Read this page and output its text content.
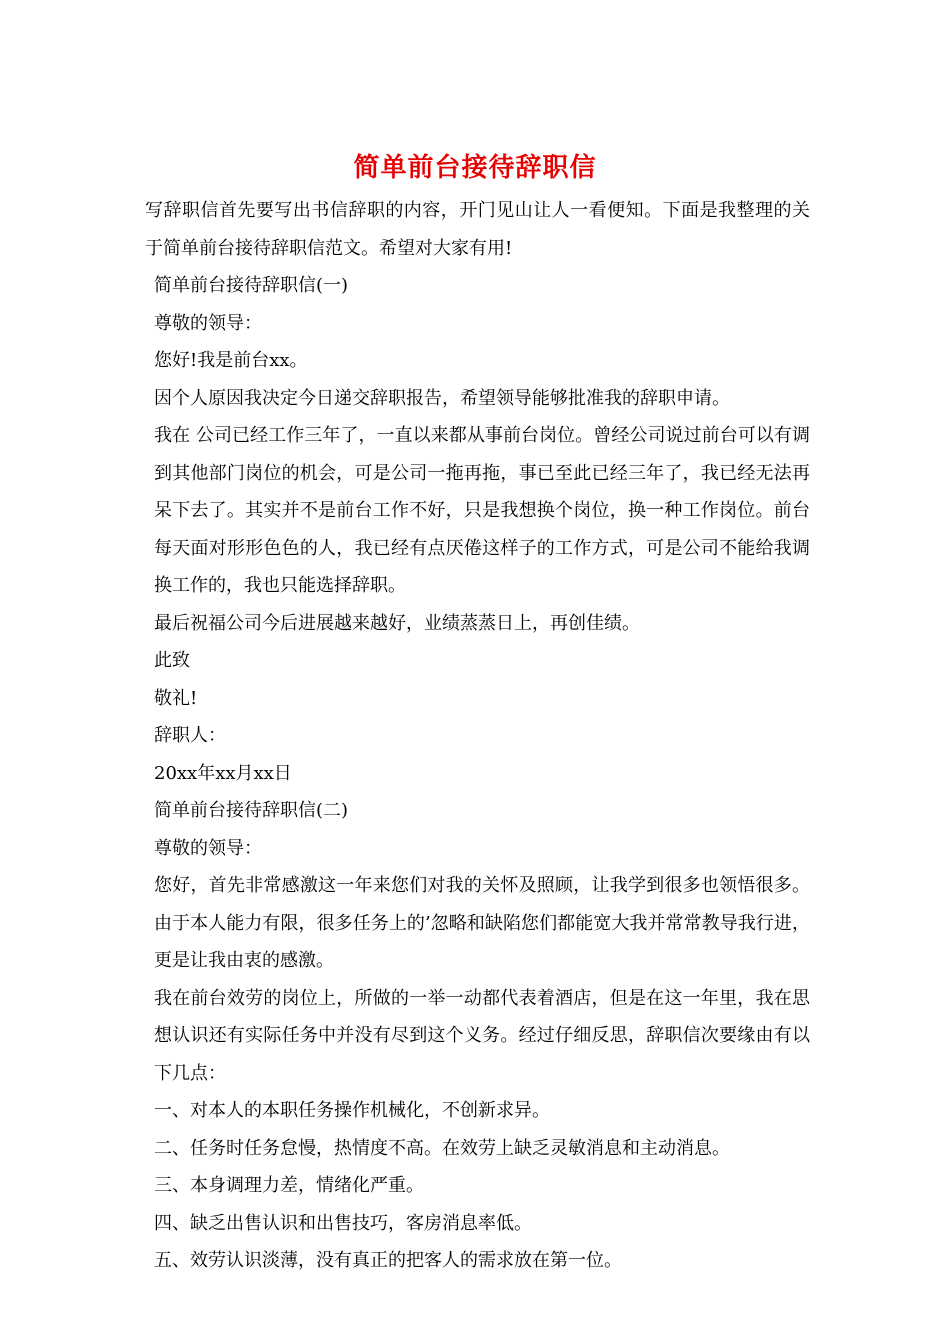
简单前台接待辞职信

写辞职信首先要写出书信辞职的内容，开门见山让人一看便知。下面是我整理的关于简单前台接待辞职信范文。希望对大家有用!

简单前台接待辞职信(一)

尊敬的领导：

您好!我是前台xx。

因个人原因我决定今日递交辞职报告，希望领导能够批准我的辞职申请。

我在 公司已经工作三年了，一直以来都从事前台岗位。曾经公司说过前台可以有调到其他部门岗位的机会，可是公司一拖再拖，事已至此已经三年了，我已经无法再呆下去了。其实并不是前台工作不好，只是我想换个岗位，换一种工作岗位。前台每天面对形形色色的人，我已经有点厌倦这样子的工作方式，可是公司不能给我调换工作的，我也只能选择辞职。

最后祝福公司今后进展越来越好，业绩蒸蒸日上，再创佳绩。

此致

敬礼!

辞职人：

20xx年xx月xx日

简单前台接待辞职信(二)

尊敬的领导：

您好，首先非常感激这一年来您们对我的关怀及照顾，让我学到很多也领悟很多。由于本人能力有限，很多任务上的’忽略和缺陷您们都能宽大我并常常教导我行进，更是让我由衷的感激。

我在前台效劳的岗位上，所做的一举一动都代表着酒店，但是在这一年里，我在思想认识还有实际任务中并没有尽到这个义务。经过仔细反思，辞职信次要缘由有以下几点：

一、对本人的本职任务操作机械化，不创新求异。

二、任务时任务怠慢，热情度不高。在效劳上缺乏灵敏消息和主动消息。

三、本身调理力差，情绪化严重。

四、缺乏出售认识和出售技巧，客房消息率低。

五、效劳认识淡薄，没有真正的把客人的需求放在第一位。
